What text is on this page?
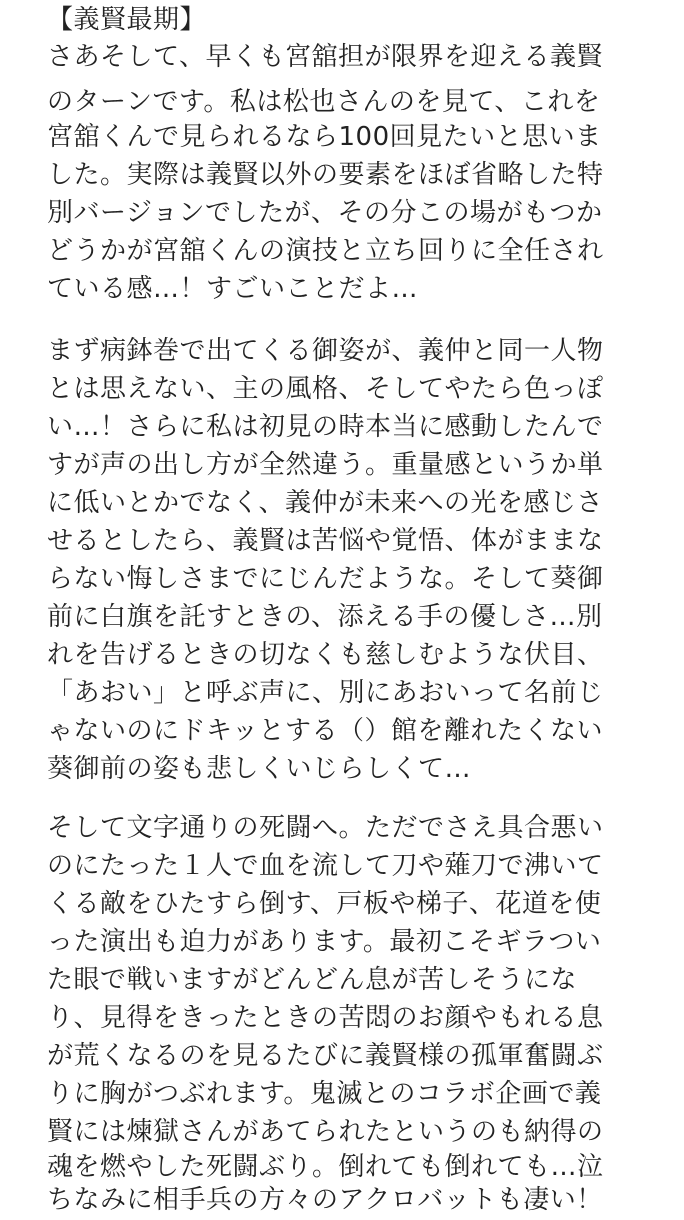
【義賢最期】
さあそして、早くも宮舘担が限界を迎える義賢
のターンです。私は松也さんのを見て、これを
宮舘くんで見られるなら100回見たいと思いま
した。実際は義賢以外の要素をほぼ省略した特
別バージョンでしたが、その分この場がもつか
どうかが宮舘くんの演技と立ち回りに全任され
ている感…！すごいことだよ…
まず病鉢巻で出てくる御姿が、義仲と同一人物
とは思えない、主の風格、そしてやたら色っぽ
い…！さらに私は初見の時本当に感動したんで
すが声の出し方が全然違う。重量感というか単
に低いとかでなく、義仲が未来への光を感じさ
せるとしたら、義賢は苦悩や覚悟、体がままな
らない悔しさまでにじんだような。そして葵御
前に白旗を託すときの、添える手の優しさ…別
れを告げるときの切なくも慈しむような伏目、
「あおい」と呼ぶ声に、別にあおいって名前じ
ゃないのにドキッとする（）館を離れたくない
葵御前の姿も悲しくいじらしくて…
そして文字通りの死闘へ。ただでさえ具合悪い
のにたった１人で血を流して刀や薙刀で沸いて
くる敵をひたすら倒す、戸板や梯子、花道を使
った演出も迫力があります。最初こそギラつい
た眼で戦いますがどんどん息が苦しそうにな
り、見得をきったときの苦悶のお顔やもれる息
が荒くなるのを見るたびに義賢様の孤軍奮闘ぶ
りに胸がつぶれます。鬼滅とのコラボ企画で義
賢には煉獄さんがあてられたというのも納得の
魂を燃やした死闘ぶり。倒れても倒れても…泣
ちなみに相手兵の方々のアクロバットも凄い！
